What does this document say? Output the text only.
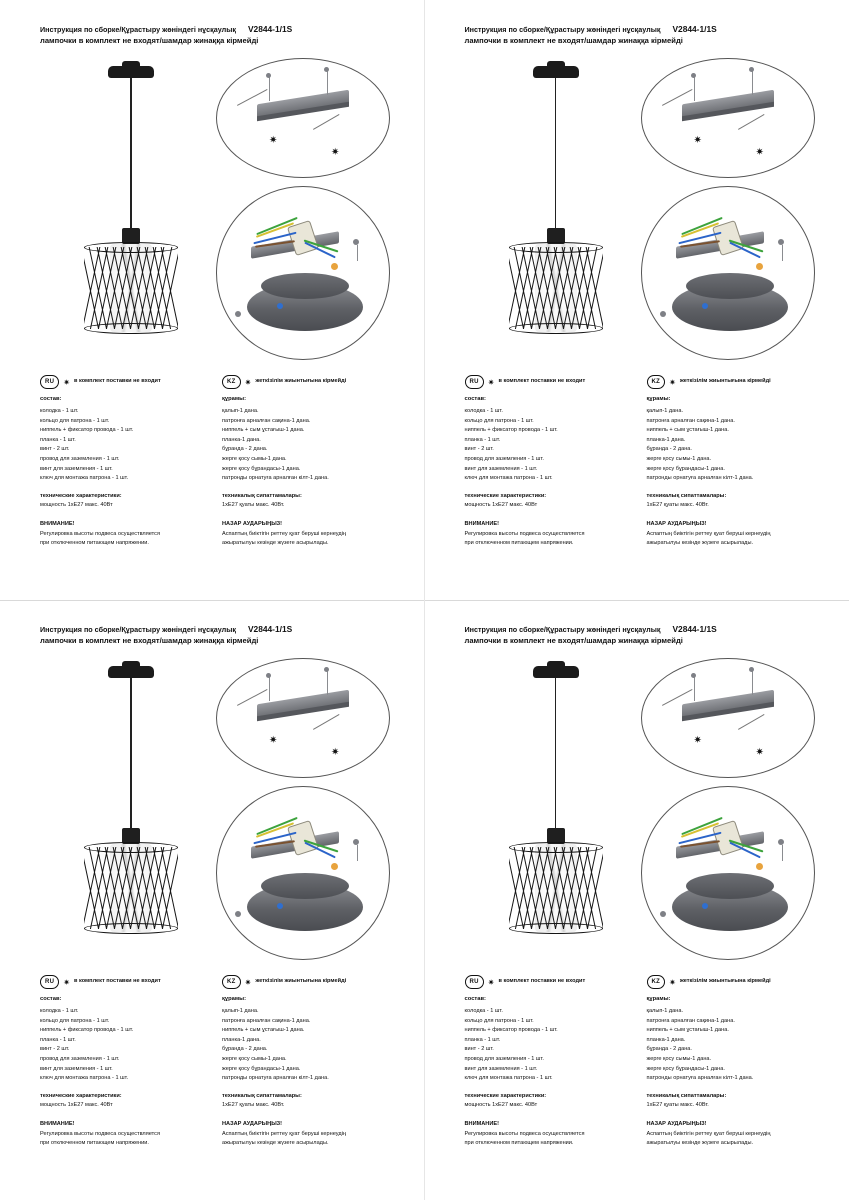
Инструкция по сборке/Құрастыру жөніндегі нұсқаулық V2844-1/1S
лампочки в комплект не входят/шамдар жинаққа кірмейді
✷
✷
RU	✷ в комплект поставки не входит
состав:
колодка - 1 шт.
кольцо для патрона - 1 шт.
ниппель + фиксатор провода - 1 шт.
планка - 1 шт.
винт - 2 шт.
провод для заземления - 1 шт.
винт для заземления - 1 шт.
ключ для монтажа патрона - 1 шт.
технические характеристики:
мощность 1хЕ27 макс. 40Вт
ВНИМАНИЕ!
Регулировка высоты подвеса осуществляется
при отключенном питающем напряжении.
KZ	✷ жеткізілім жиынтығына кірмейді
құрамы:
қалып-1 дана.
патронға арналған сақина-1 дана.
ниппель + сым ұстағыш-1 дана.
планка-1 дана.
бұранда - 2 дана.
жерге қосу сымы-1 дана.
жерге қосу бұрандасы-1 дана.
патронды орнатуға арналған кілт-1 дана.
техникалық сипаттамалары:
1хЕ27 қуаты макс. 40Вт.
НАЗАР АУДАРЫҢЫЗ!
Аспаптың биіктігін реттеу қуат беруші кернеудің
ажыратылуы кезінде жүзеге асырылады.
Инструкция по сборке/Құрастыру жөніндегі нұсқаулық V2844-1/1S
лампочки в комплект не входят/шамдар жинаққа кірмейді
✷
✷
RU	✷ в комплект поставки не входит
состав:
колодка - 1 шт.
кольцо для патрона - 1 шт.
ниппель + фиксатор провода - 1 шт.
планка - 1 шт.
винт - 2 шт.
провод для заземления - 1 шт.
винт для заземления - 1 шт.
ключ для монтажа патрона - 1 шт.
технические характеристики:
мощность 1хЕ27 макс. 40Вт
ВНИМАНИЕ!
Регулировка высоты подвеса осуществляется
при отключенном питающем напряжении.
KZ	✷ жеткізілім жиынтығына кірмейді
құрамы:
қалып-1 дана.
патронға арналған сақина-1 дана.
ниппель + сым ұстағыш-1 дана.
планка-1 дана.
бұранда - 2 дана.
жерге қосу сымы-1 дана.
жерге қосу бұрандасы-1 дана.
патронды орнатуға арналған кілт-1 дана.
техникалық сипаттамалары:
1хЕ27 қуаты макс. 40Вт.
НАЗАР АУДАРЫҢЫЗ!
Аспаптың биіктігін реттеу қуат беруші кернеудің
ажыратылуы кезінде жүзеге асырылады.
Инструкция по сборке/Құрастыру жөніндегі нұсқаулық V2844-1/1S
лампочки в комплект не входят/шамдар жинаққа кірмейді
✷
✷
RU	✷ в комплект поставки не входит
состав:
колодка - 1 шт.
кольцо для патрона - 1 шт.
ниппель + фиксатор провода - 1 шт.
планка - 1 шт.
винт - 2 шт.
провод для заземления - 1 шт.
винт для заземления - 1 шт.
ключ для монтажа патрона - 1 шт.
технические характеристики:
мощность 1хЕ27 макс. 40Вт
ВНИМАНИЕ!
Регулировка высоты подвеса осуществляется
при отключенном питающем напряжении.
KZ	✷ жеткізілім жиынтығына кірмейді
құрамы:
қалып-1 дана.
патронға арналған сақина-1 дана.
ниппель + сым ұстағыш-1 дана.
планка-1 дана.
бұранда - 2 дана.
жерге қосу сымы-1 дана.
жерге қосу бұрандасы-1 дана.
патронды орнатуға арналған кілт-1 дана.
техникалық сипаттамалары:
1хЕ27 қуаты макс. 40Вт.
НАЗАР АУДАРЫҢЫЗ!
Аспаптың биіктігін реттеу қуат беруші кернеудің
ажыратылуы кезінде жүзеге асырылады.
Инструкция по сборке/Құрастыру жөніндегі нұсқаулық V2844-1/1S
лампочки в комплект не входят/шамдар жинаққа кірмейді
✷
✷
RU	✷ в комплект поставки не входит
состав:
колодка - 1 шт.
кольцо для патрона - 1 шт.
ниппель + фиксатор провода - 1 шт.
планка - 1 шт.
винт - 2 шт.
провод для заземления - 1 шт.
винт для заземления - 1 шт.
ключ для монтажа патрона - 1 шт.
технические характеристики:
мощность 1хЕ27 макс. 40Вт
ВНИМАНИЕ!
Регулировка высоты подвеса осуществляется
при отключенном питающем напряжении.
KZ	✷ жеткізілім жиынтығына кірмейді
құрамы:
қалып-1 дана.
патронға арналған сақина-1 дана.
ниппель + сым ұстағыш-1 дана.
планка-1 дана.
бұранда - 2 дана.
жерге қосу сымы-1 дана.
жерге қосу бұрандасы-1 дана.
патронды орнатуға арналған кілт-1 дана.
техникалық сипаттамалары:
1хЕ27 қуаты макс. 40Вт.
НАЗАР АУДАРЫҢЫЗ!
Аспаптың биіктігін реттеу қуат беруші кернеудің
ажыратылуы кезінде жүзеге асырылады.
